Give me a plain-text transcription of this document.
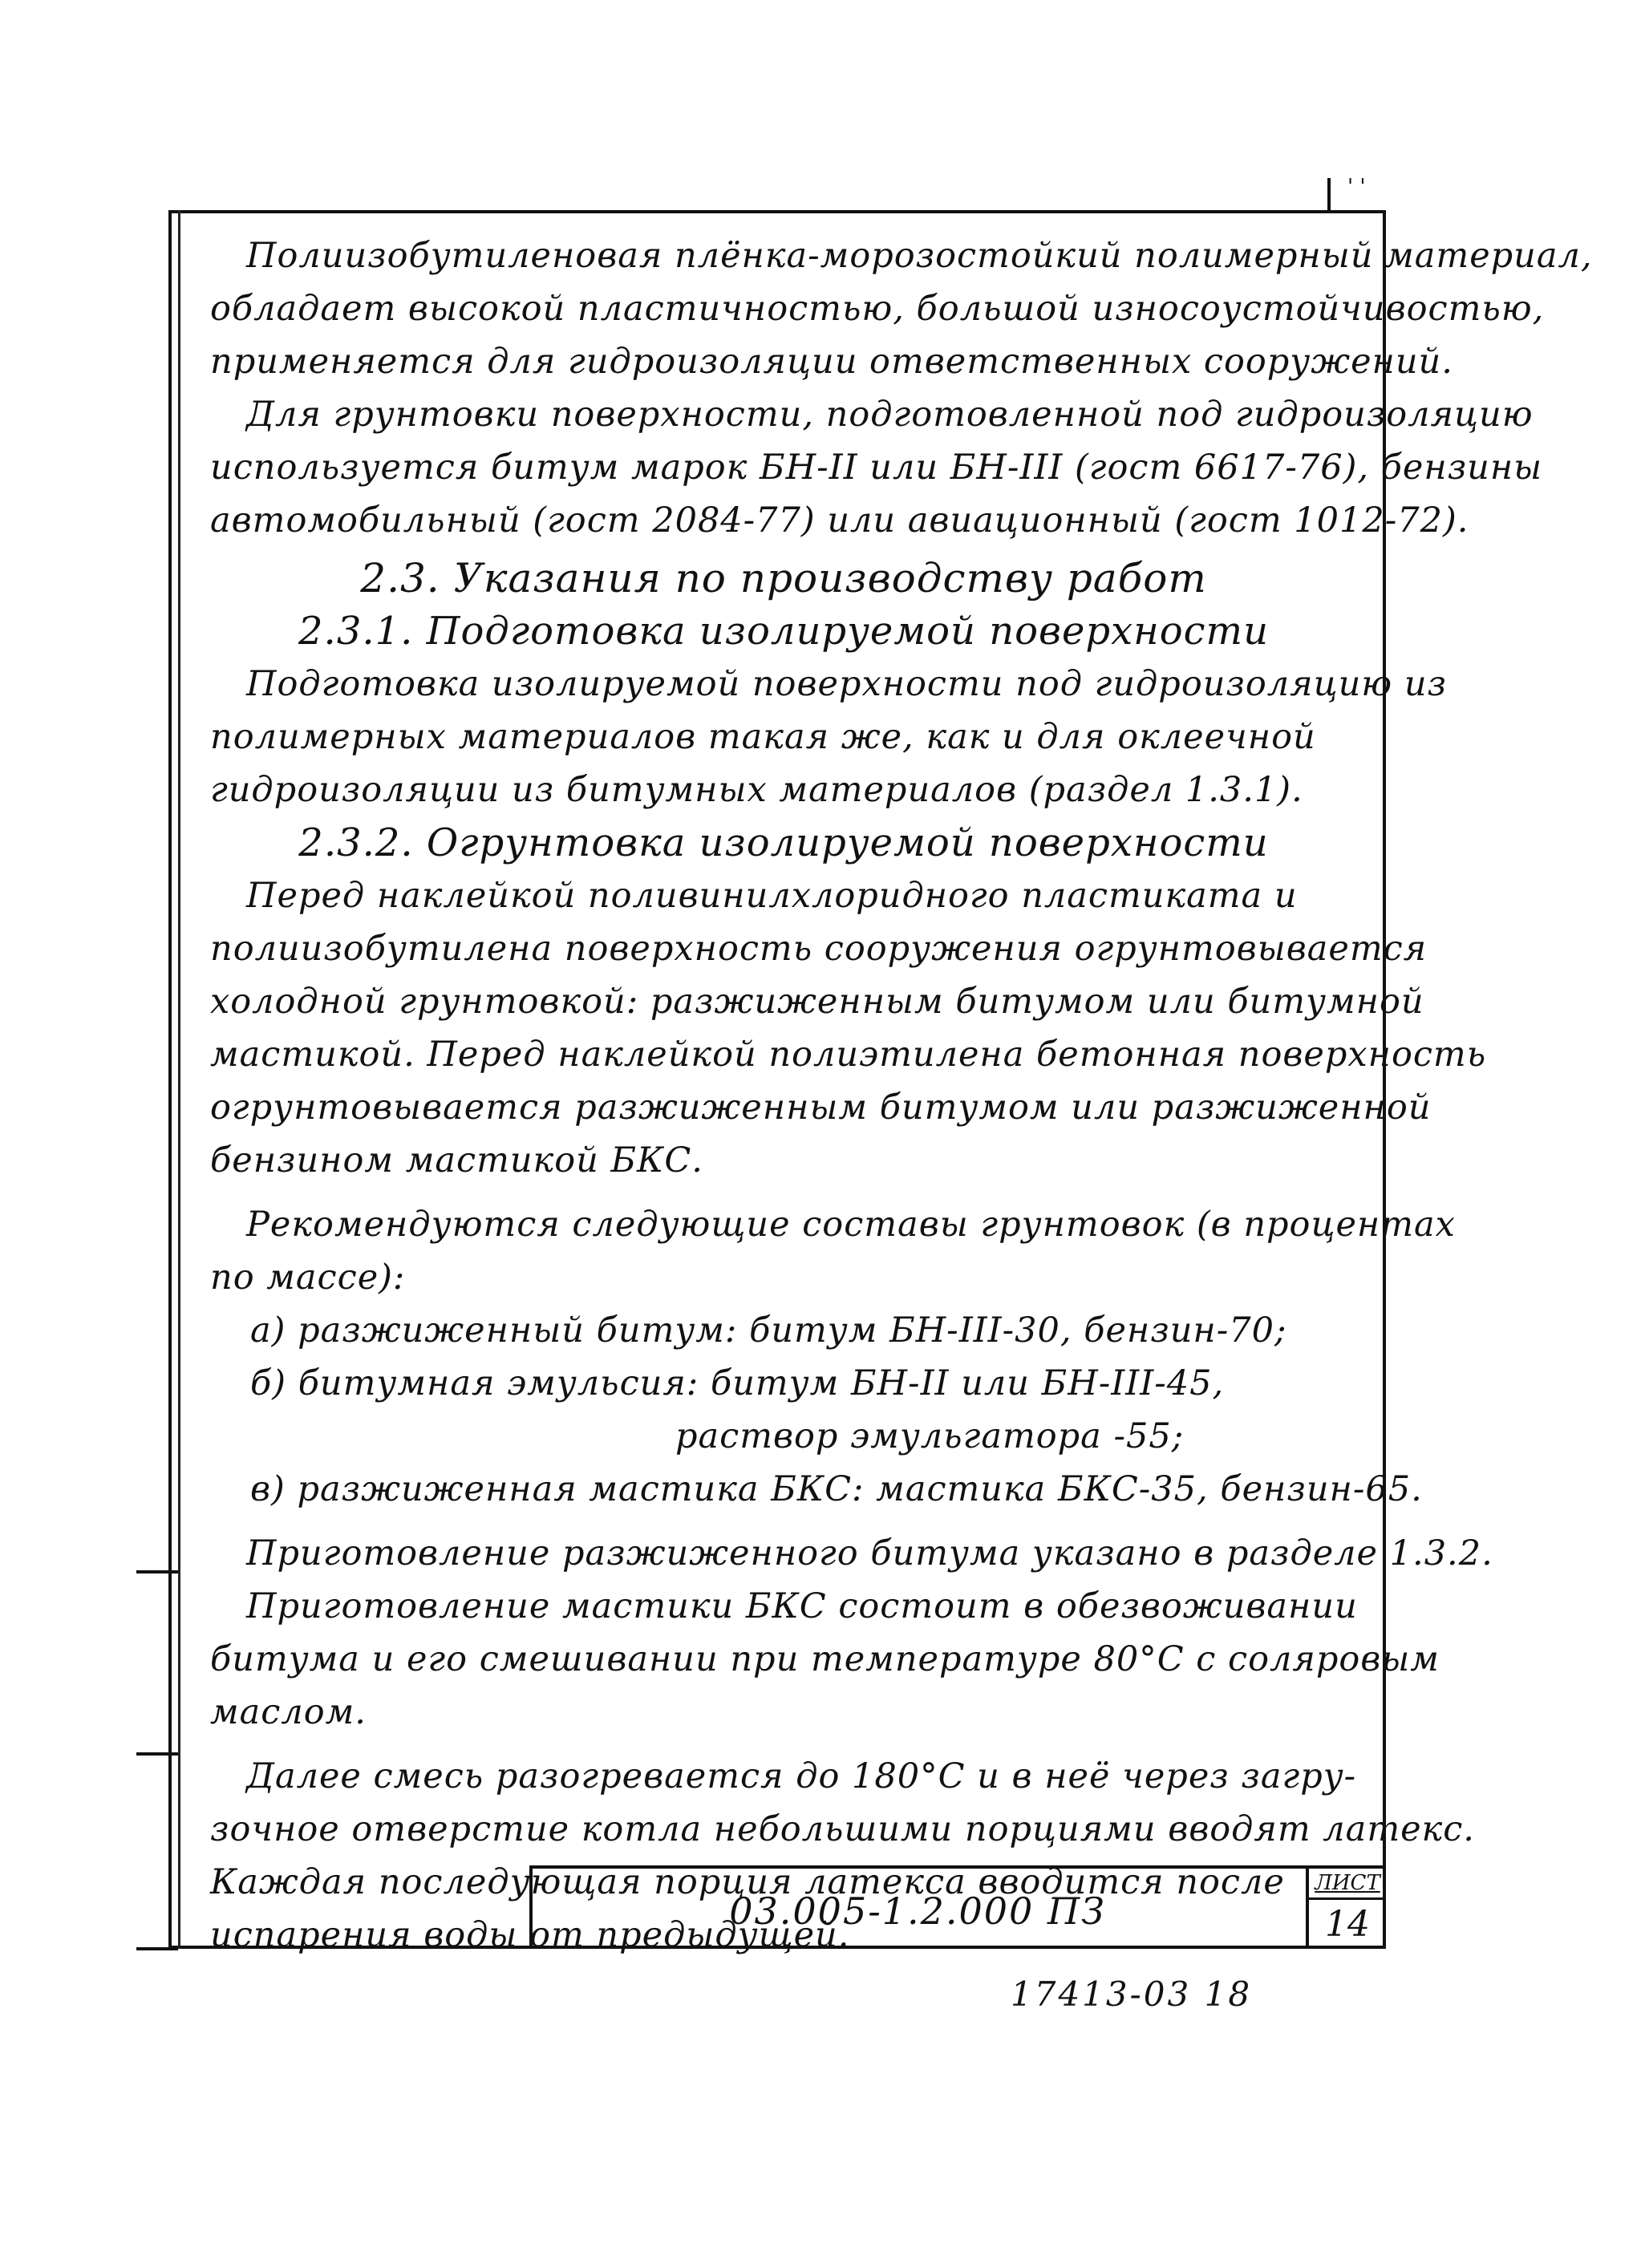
' '

Полиизобутиленовая плёнка-морозостойкий полимерный материал,

обладает высокой пластичностью, большой износоустойчивостью,

применяется для гидроизоляции ответственных сооружений.

Для грунтовки поверхности, подготовленной под гидроизоляцию

используется битум марок БН-II или БН-III (гост 6617-76), бензины

автомобильный (гост 2084-77) или авиационный (гост 1012-72).

2.3. Указания по производству работ

2.3.1. Подготовка изолируемой поверхности

Подготовка изолируемой поверхности под гидроизоляцию из

полимерных материалов такая же, как и для оклеечной

гидроизоляции из битумных материалов (раздел 1.3.1).

2.3.2. Огрунтовка изолируемой поверхности

Перед наклейкой поливинилхлоридного пластиката и

полиизобутилена поверхность сооружения огрунтовывается

холодной грунтовкой: разжиженным битумом или битумной

мастикой. Перед наклейкой полиэтилена бетонная поверхность

огрунтовывается разжиженным битумом или разжиженной

бензином мастикой БКС.

Рекомендуются следующие составы грунтовок (в процентах

по массе):

а) разжиженный битум: битум БН-III-30, бензин-70;

б) битумная эмульсия: битум БН-II или БН-III-45,

раствор эмульгатора -55;

в) разжиженная мастика БКС: мастика БКС-35, бензин-65.

Приготовление разжиженного битума указано в разделе 1.3.2.

Приготовление мастики БКС состоит в обезвоживании

битума и его смешивании при температуре 80°С с соляровым

маслом.

Далее смесь разогревается до 180°С и в неё через загру-

зочное отверстие котла небольшими порциями вводят латекс.

Каждая последующая порция латекса вводится после

испарения воды от предыдущей.

03.005-1.2.000 ПЗ
ЛИСТ
14
17413-03 18
